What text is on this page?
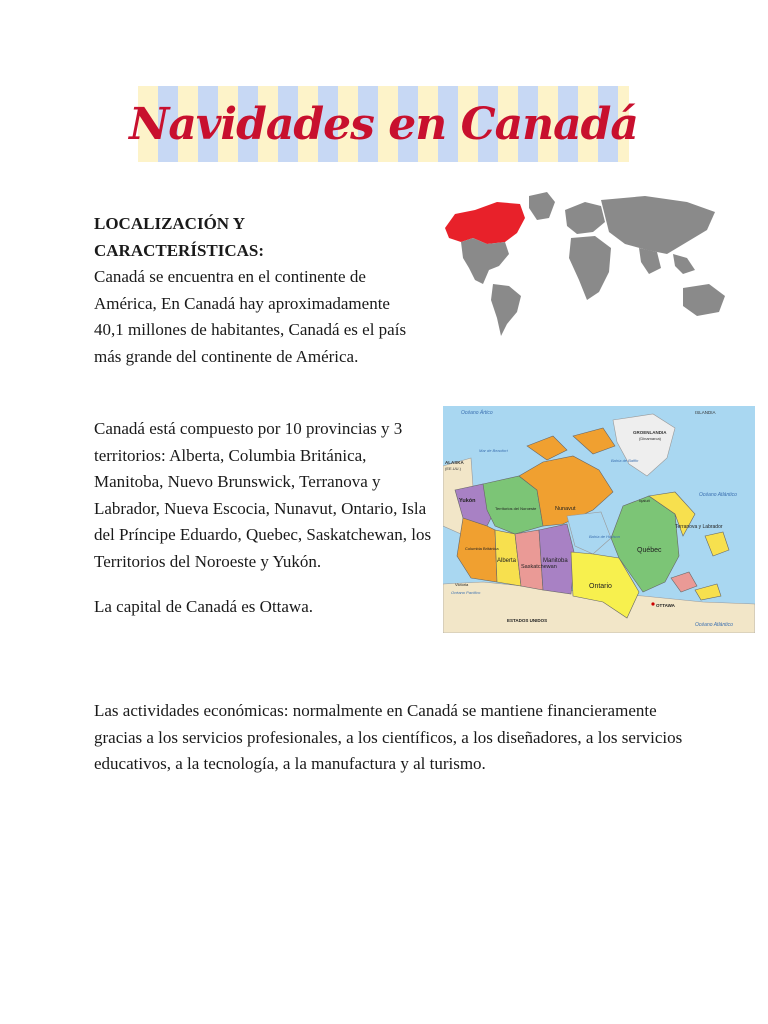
Navidades en Canadá
LOCALIZACIÓN Y CARACTERÍSTICAS:
Canadá se encuentra en el continente de América, En Canadá hay aproximadamente 40,1 millones de habitantes, Canadá es el país más grande del continente de América.
Canadá está compuesto por 10 provincias y 3 territorios: Alberta, Columbia Británica, Manitoba, Nuevo Brunswick, Terranova y Labrador, Nueva Escocia, Nunavut, Ontario, Isla del Príncipe Eduardo, Quebec, Saskatchewan, los Territorios del Noroeste y Yukón.
Océano Ártico	ISLANDIA
GROENLANDIA
(Dinamarca)
Mar de Beaufort
Bahía de Baffin
ALASKA
(EE.UU.)
Yukón
Territorios del Noroeste	Nunavut
Iqaluit
Océano Atlántico
Bahía de Hudson
Terranova y Labrador
Columbia Británica
Alberta
Saskatchewan
Manitoba
Québec
Ontario
OTTAWA
Océano Pacífico
Victoria
ESTADOS UNIDOS
Océano Atlántico
La capital de Canadá es Ottawa.
Las actividades económicas: normalmente en Canadá se mantiene financieramente gracias a los servicios profesionales, a los científicos, a los diseñadores, a los servicios educativos, a la tecnología, a la manufactura y al turismo.
